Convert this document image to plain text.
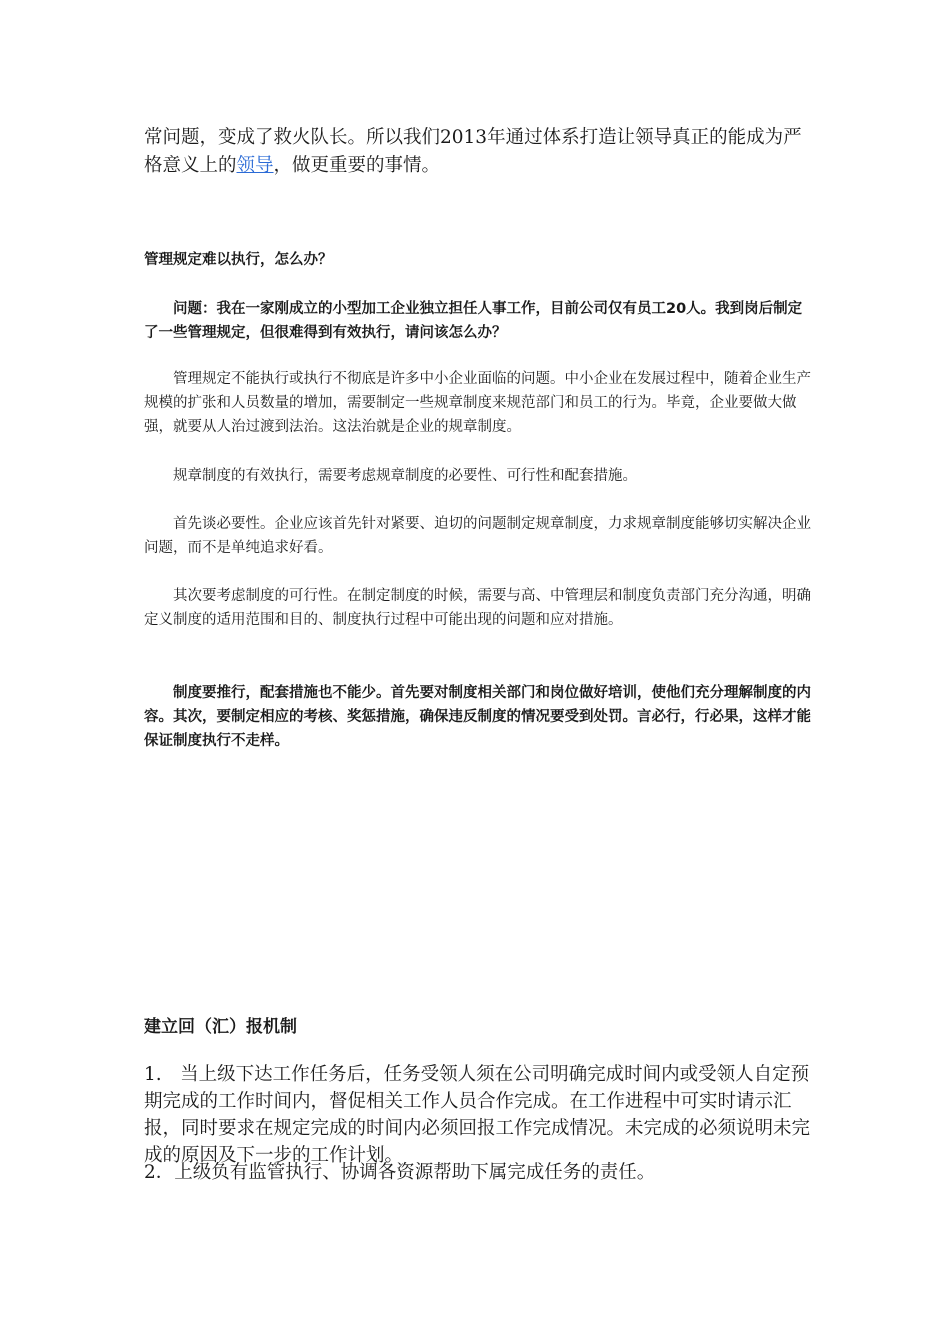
常问题，变成了救火队长。所以我们2013年通过体系打造让领导真正的能成为严格意义上的领导，做更重要的事情。

管理规定难以执行，怎么办？

问题：我在一家刚成立的小型加工企业独立担任人事工作，目前公司仅有员工20人。我到岗后制定了一些管理规定，但很难得到有效执行，请问该怎么办？

管理规定不能执行或执行不彻底是许多中小企业面临的问题。中小企业在发展过程中，随着企业生产规模的扩张和人员数量的增加，需要制定一些规章制度来规范部门和员工的行为。毕竟，企业要做大做强，就要从人治过渡到法治。这法治就是企业的规章制度。

规章制度的有效执行，需要考虑规章制度的必要性、可行性和配套措施。

首先谈必要性。企业应该首先针对紧要、迫切的问题制定规章制度，力求规章制度能够切实解决企业问题，而不是单纯追求好看。

其次要考虑制度的可行性。在制定制度的时候，需要与高、中管理层和制度负责部门充分沟通，明确定义制度的适用范围和目的、制度执行过程中可能出现的问题和应对措施。

制度要推行，配套措施也不能少。首先要对制度相关部门和岗位做好培训，使他们充分理解制度的内容。其次，要制定相应的考核、奖惩措施，确保违反制度的情况要受到处罚。言必行，行必果，这样才能保证制度执行不走样。

建立回（汇）报机制

1.　当上级下达工作任务后，任务受领人须在公司明确完成时间内或受领人自定预期完成的工作时间内，督促相关工作人员合作完成。在工作进程中可实时请示汇报，同时要求在规定完成的时间内必须回报工作完成情况。未完成的必须说明未完成的原因及下一步的工作计划。

2．上级负有监管执行、协调各资源帮助下属完成任务的责任。
